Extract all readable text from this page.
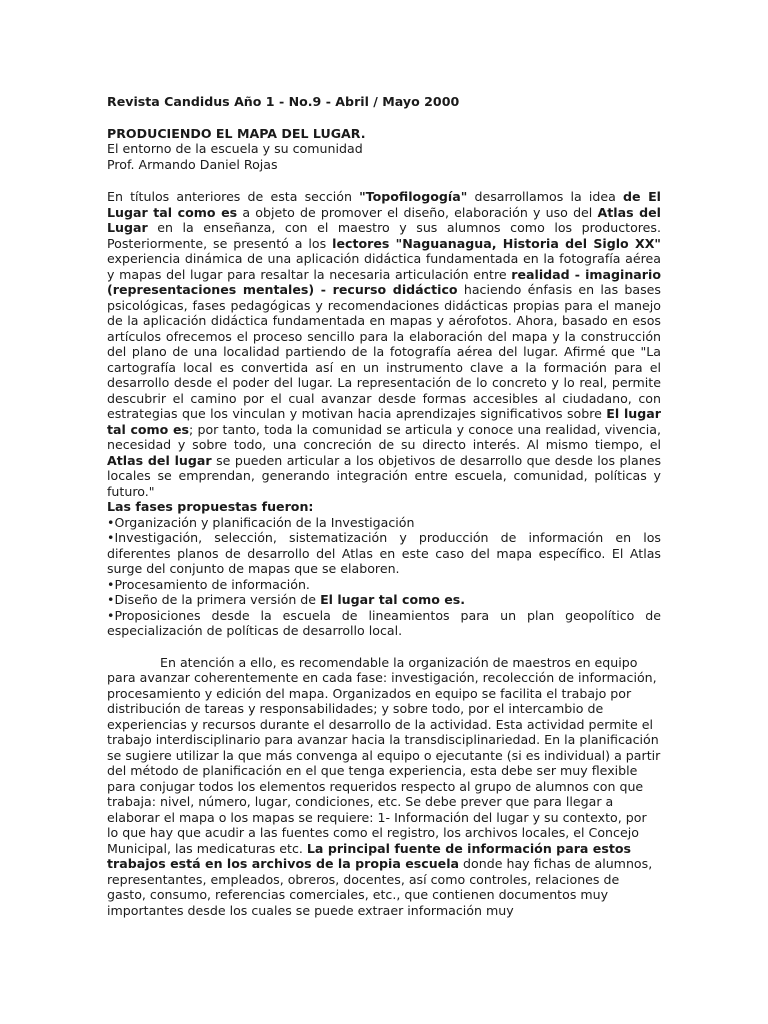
Revista Candidus Año 1 - No.9 - Abril / Mayo 2000

PRODUCIENDO EL MAPA DEL LUGAR.
El entorno de la escuela y su comunidad
Prof. Armando Daniel Rojas

En títulos anteriores de esta sección "Topofilogogía" desarrollamos la idea de El Lugar tal como es a objeto de promover el diseño, elaboración y uso del Atlas del Lugar en la enseñanza, con el maestro y sus alumnos como los productores. Posteriormente, se presentó a los lectores "Naguanagua, Historia del Siglo XX" experiencia dinámica de una aplicación didáctica fundamentada en la fotografía aérea y mapas del lugar para resaltar la necesaria articulación entre realidad - imaginario (representaciones mentales) - recurso didáctico haciendo énfasis en las bases psicológicas, fases pedagógicas y recomendaciones didácticas propias para el manejo de la aplicación didáctica fundamentada en mapas y aérofotos. Ahora, basado en esos artículos ofrecemos el proceso sencillo para la elaboración del mapa y la construcción del plano de una localidad partiendo de la fotografía aérea del lugar. Afirmé que "La cartografía local es convertida así en un instrumento clave a la formación para el desarrollo desde el poder del lugar. La representación de lo concreto y lo real, permite descubrir el camino por el cual avanzar desde formas accesibles al ciudadano, con estrategias que los vinculan y motivan hacia aprendizajes significativos sobre El lugar tal como es; por tanto, toda la comunidad se articula y conoce una realidad, vivencia, necesidad y sobre todo, una concreción de su directo interés. Al mismo tiempo, el Atlas del lugar se pueden articular a los objetivos de desarrollo que desde los planes locales se emprendan, generando integración entre escuela, comunidad, políticas y futuro."

Las fases propuestas fueron:

•Organización y planificación de la Investigación
•Investigación, selección, sistematización y producción de información en los diferentes planos de desarrollo del Atlas en este caso del mapa específico. El Atlas surge del conjunto de mapas que se elaboren.
•Procesamiento de información.
•Diseño de la primera versión de El lugar tal como es.
•Proposiciones desde la escuela de lineamientos para un plan geopolítico de especialización de políticas de desarrollo local.

En atención a ello, es recomendable la organización de maestros en equipo para avanzar coherentemente en cada fase: investigación, recolección de información, procesamiento y edición del mapa. Organizados en equipo se facilita el trabajo por distribución de tareas y responsabilidades; y sobre todo, por el intercambio de experiencias y recursos durante el desarrollo de la actividad. Esta actividad permite el trabajo interdisciplinario para avanzar hacia la transdisciplinariedad. En la planificación se sugiere utilizar la que más convenga al equipo o ejecutante (si es individual) a partir del método de planificación en el que tenga experiencia, esta debe ser muy flexible para conjugar todos los elementos requeridos respecto al grupo de alumnos con que trabaja: nivel, número, lugar, condiciones, etc. Se debe prever que para llegar a elaborar el mapa o los mapas se requiere: 1- Información del lugar y su contexto, por lo que hay que acudir a las fuentes como el registro, los archivos locales, el Concejo Municipal, las medicaturas etc. La principal fuente de información para estos trabajos está en los archivos de la propia escuela donde hay fichas de alumnos, representantes, empleados, obreros, docentes, así como controles, relaciones de gasto, consumo, referencias comerciales, etc., que contienen documentos muy importantes desde los cuales se puede extraer información muy
